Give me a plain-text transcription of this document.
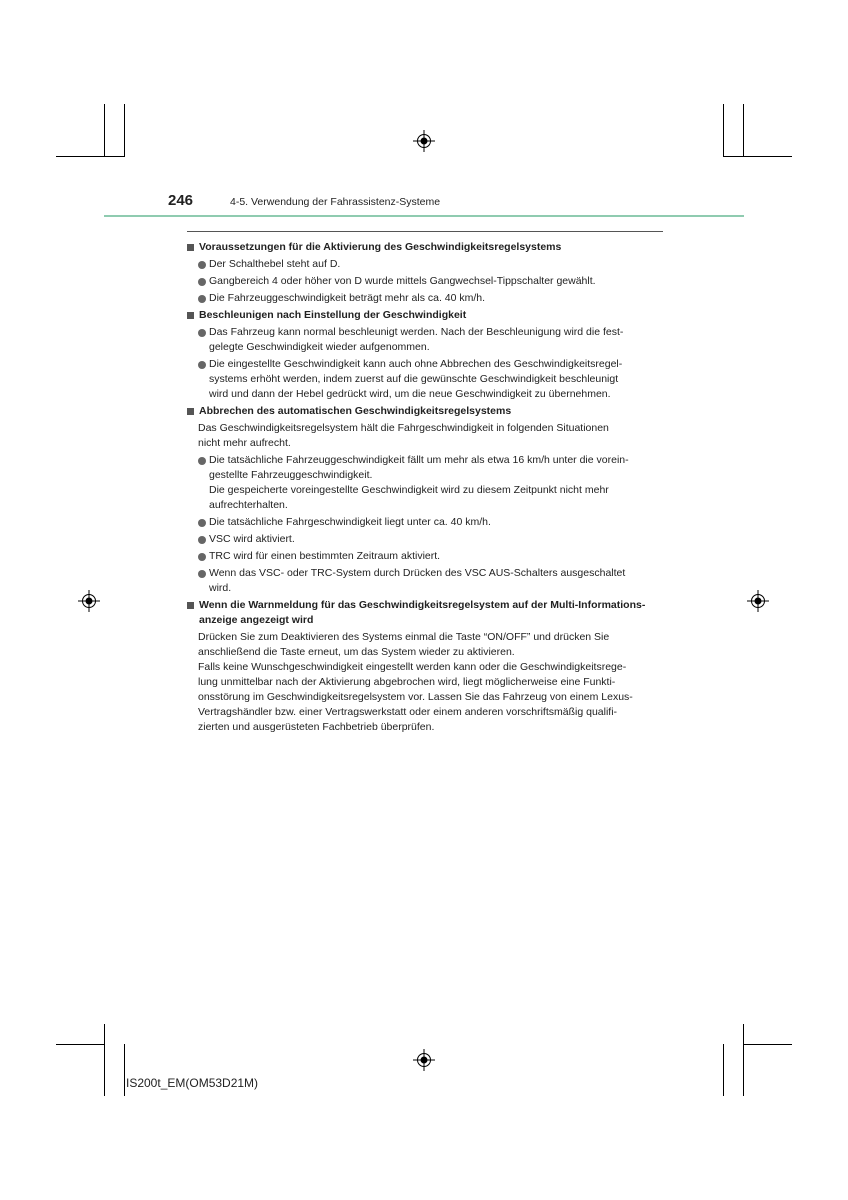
246	4-5. Verwendung der Fahrassistenz-Systeme
Voraussetzungen für die Aktivierung des Geschwindigkeitsregelsystems
Der Schalthebel steht auf D.
Gangbereich 4 oder höher von D wurde mittels Gangwechsel-Tippschalter gewählt.
Die Fahrzeuggeschwindigkeit beträgt mehr als ca. 40 km/h.
Beschleunigen nach Einstellung der Geschwindigkeit
Das Fahrzeug kann normal beschleunigt werden. Nach der Beschleunigung wird die fest-
gelegte Geschwindigkeit wieder aufgenommen.
Die eingestellte Geschwindigkeit kann auch ohne Abbrechen des Geschwindigkeitsregel-
systems erhöht werden, indem zuerst auf die gewünschte Geschwindigkeit beschleunigt
wird und dann der Hebel gedrückt wird, um die neue Geschwindigkeit zu übernehmen.
Abbrechen des automatischen Geschwindigkeitsregelsystems
Das Geschwindigkeitsregelsystem hält die Fahrgeschwindigkeit in folgenden Situationen
nicht mehr aufrecht.
Die tatsächliche Fahrzeuggeschwindigkeit fällt um mehr als etwa 16 km/h unter die vorein-
gestellte Fahrzeuggeschwindigkeit.
Die gespeicherte voreingestellte Geschwindigkeit wird zu diesem Zeitpunkt nicht mehr
aufrechterhalten.
Die tatsächliche Fahrgeschwindigkeit liegt unter ca. 40 km/h.
VSC wird aktiviert.
TRC wird für einen bestimmten Zeitraum aktiviert.
Wenn das VSC- oder TRC-System durch Drücken des VSC AUS-Schalters ausgeschaltet
wird.
Wenn die Warnmeldung für das Geschwindigkeitsregelsystem auf der Multi-Informations-
anzeige angezeigt wird
Drücken Sie zum Deaktivieren des Systems einmal die Taste “ON/OFF” und drücken Sie
anschließend die Taste erneut, um das System wieder zu aktivieren.
Falls keine Wunschgeschwindigkeit eingestellt werden kann oder die Geschwindigkeitsrege-
lung unmittelbar nach der Aktivierung abgebrochen wird, liegt möglicherweise eine Funkti-
onsstörung im Geschwindigkeitsregelsystem vor. Lassen Sie das Fahrzeug von einem Lexus-
Vertragshändler bzw. einer Vertragswerkstatt oder einem anderen vorschriftsmäßig qualifi-
zierten und ausgerüsteten Fachbetrieb überprüfen.
IS200t_EM(OM53D21M)
